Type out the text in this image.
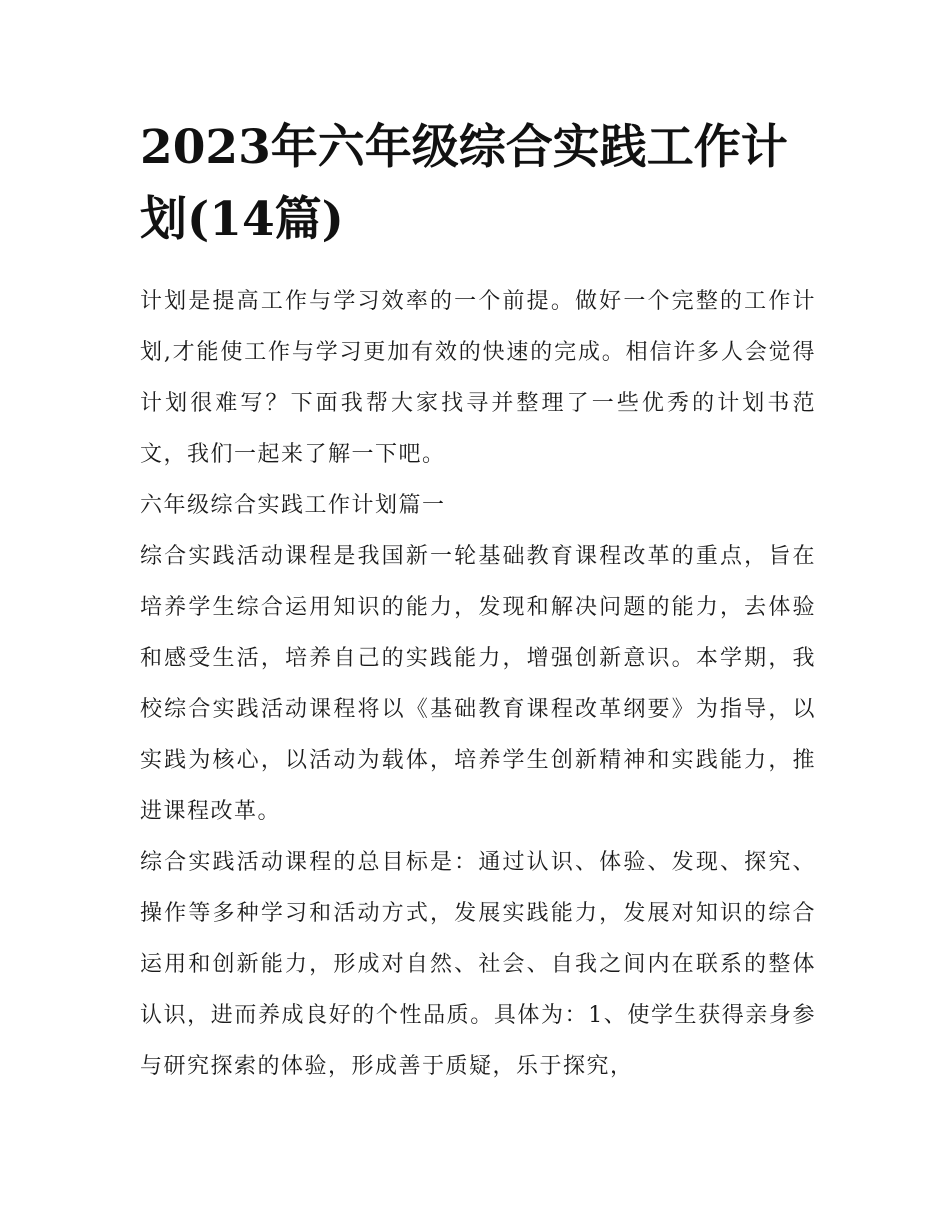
2023年六年级综合实践工作计划(14篇)

计划是提高工作与学习效率的一个前提。做好一个完整的工作计划,才能使工作与学习更加有效的快速的完成。相信许多人会觉得计划很难写？下面我帮大家找寻并整理了一些优秀的计划书范文，我们一起来了解一下吧。

六年级综合实践工作计划篇一

综合实践活动课程是我国新一轮基础教育课程改革的重点，旨在培养学生综合运用知识的能力，发现和解决问题的能力，去体验和感受生活，培养自己的实践能力，增强创新意识。本学期，我校综合实践活动课程将以《基础教育课程改革纲要》为指导，以实践为核心，以活动为载体，培养学生创新精神和实践能力，推进课程改革。

综合实践活动课程的总目标是：通过认识、体验、发现、探究、操作等多种学习和活动方式，发展实践能力，发展对知识的综合运用和创新能力，形成对自然、社会、自我之间内在联系的整体认识，进而养成良好的个性品质。具体为：1、使学生获得亲身参与研究探索的体验，形成善于质疑，乐于探究，
